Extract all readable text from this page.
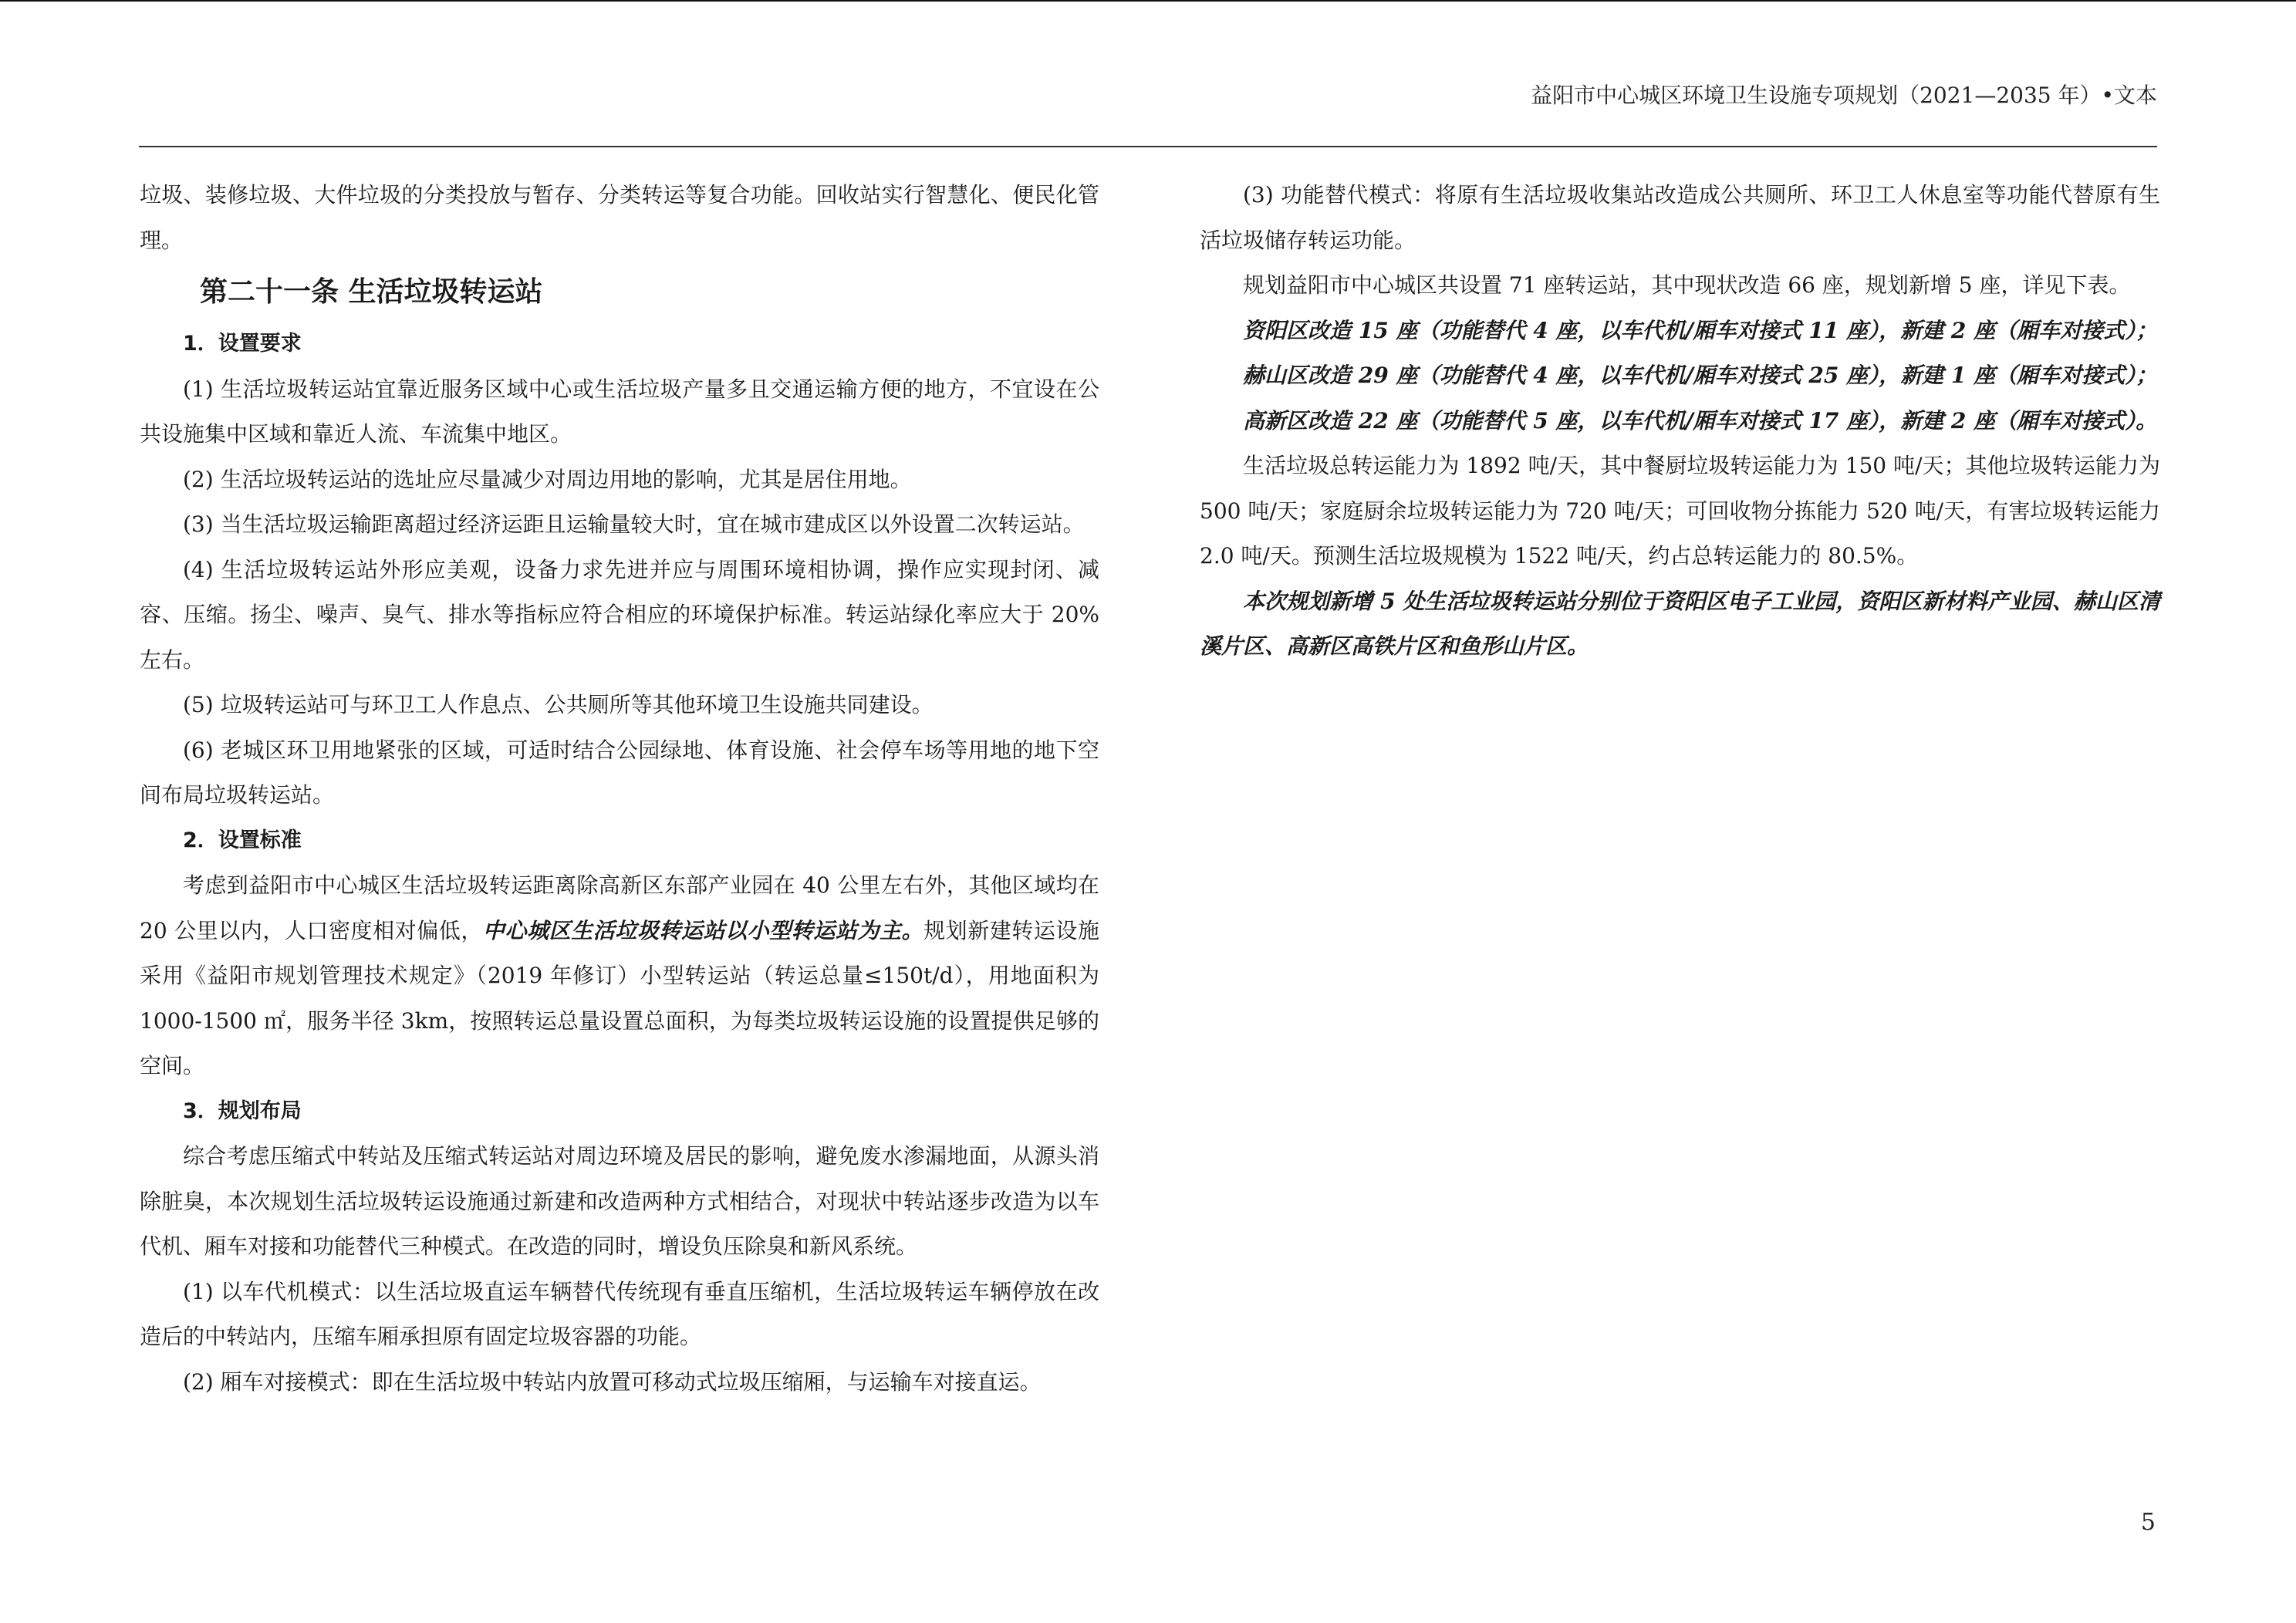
益阳市中心城区环境卫生设施专项规划（2021—2035 年）•文本

垃圾、装修垃圾、大件垃圾的分类投放与暂存、分类转运等复合功能。回收站实行智慧化、便民化管理。

第二十一条 生活垃圾转运站
1．设置要求

(1) 生活垃圾转运站宜靠近服务区域中心或生活垃圾产量多且交通运输方便的地方，不宜设在公共设施集中区域和靠近人流、车流集中地区。

(2) 生活垃圾转运站的选址应尽量减少对周边用地的影响，尤其是居住用地。

(3) 当生活垃圾运输距离超过经济运距且运输量较大时，宜在城市建成区以外设置二次转运站。

(4) 生活垃圾转运站外形应美观，设备力求先进并应与周围环境相协调，操作应实现封闭、减容、压缩。扬尘、噪声、臭气、排水等指标应符合相应的环境保护标准。转运站绿化率应大于 20%左右。

(5) 垃圾转运站可与环卫工人作息点、公共厕所等其他环境卫生设施共同建设。

(6) 老城区环卫用地紧张的区域，可适时结合公园绿地、体育设施、社会停车场等用地的地下空间布局垃圾转运站。

2．设置标准

考虑到益阳市中心城区生活垃圾转运距离除高新区东部产业园在 40 公里左右外，其他区域均在 20 公里以内，人口密度相对偏低，中心城区生活垃圾转运站以小型转运站为主。规划新建转运设施采用《益阳市规划管理技术规定》（2019 年修订）小型转运站（转运总量≤150t/d），用地面积为 1000-1500 ㎡，服务半径 3km，按照转运总量设置总面积，为每类垃圾转运设施的设置提供足够的空间。

3．规划布局

综合考虑压缩式中转站及压缩式转运站对周边环境及居民的影响，避免废水渗漏地面，从源头消除脏臭，本次规划生活垃圾转运设施通过新建和改造两种方式相结合，对现状中转站逐步改造为以车代机、厢车对接和功能替代三种模式。在改造的同时，增设负压除臭和新风系统。

(1) 以车代机模式：以生活垃圾直运车辆替代传统现有垂直压缩机，生活垃圾转运车辆停放在改造后的中转站内，压缩车厢承担原有固定垃圾容器的功能。

(2) 厢车对接模式：即在生活垃圾中转站内放置可移动式垃圾压缩厢，与运输车对接直运。

(3) 功能替代模式：将原有生活垃圾收集站改造成公共厕所、环卫工人休息室等功能代替原有生活垃圾储存转运功能。

规划益阳市中心城区共设置 71 座转运站，其中现状改造 66 座，规划新增 5 座，详见下表。

资阳区改造 15 座（功能替代 4 座，以车代机/厢车对接式 11 座），新建 2 座（厢车对接式）；

赫山区改造 29 座（功能替代 4 座，以车代机/厢车对接式 25 座），新建 1 座（厢车对接式）；

高新区改造 22 座（功能替代 5 座，以车代机/厢车对接式 17 座），新建 2 座（厢车对接式）。

生活垃圾总转运能力为 1892 吨/天，其中餐厨垃圾转运能力为 150 吨/天；其他垃圾转运能力为 500 吨/天；家庭厨余垃圾转运能力为 720 吨/天；可回收物分拣能力 520 吨/天，有害垃圾转运能力 2.0 吨/天。预测生活垃圾规模为 1522 吨/天，约占总转运能力的 80.5%。

本次规划新增 5 处生活垃圾转运站分别位于资阳区电子工业园，资阳区新材料产业园、赫山区清溪片区、高新区高铁片区和鱼形山片区。

5
